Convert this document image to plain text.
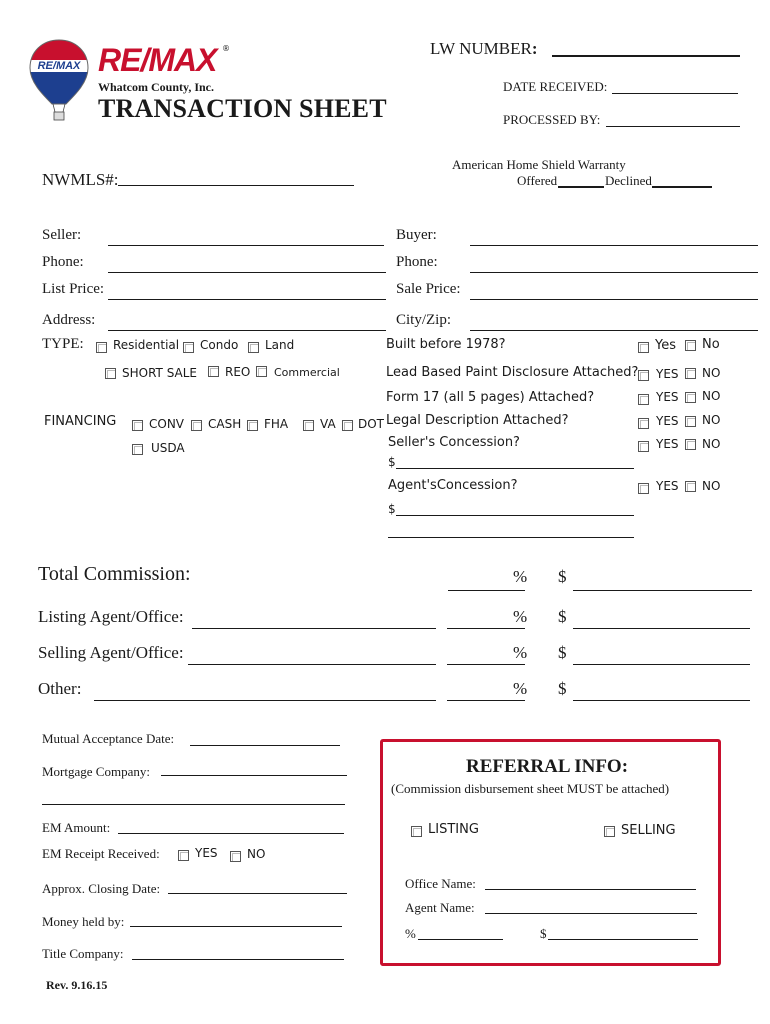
RE/MAX RE/MAX ®
Whatcom County, Inc.
TRANSACTION SHEET
LW NUMBER:
DATE RECEIVED:
PROCESSED BY:
NWMLS#:
American Home Shield Warranty
Offered	Declined
Seller:	Buyer:
Phone:	Phone:
List Price:	Sale Price:
Address:	City/Zip:
TYPE: Residential Condo Land
SHORT SALE REO Commercial
FINANCING	CONV CASH FHA	VA DOT
USDA
Built before 1978?	Yes No
Lead Based Paint Disclosure Attached? YES NO
Form 17 (all 5 pages) Attached?	YES NO
Legal Description Attached?	YES NO
Seller's Concession?	YES NO
$
Agent'sConcession?	YES NO
$
Total Commission:	% $
Listing Agent/Office:	% $
Selling Agent/Office:	% $
Other:	% $
Mutual Acceptance Date:
Mortgage Company:
EM Amount:
EM Receipt Received:	YES NO
Approx. Closing Date:
Money held by:
Title Company:
Rev. 9.16.15
REFERRAL INFO:
(Commission disbursement sheet MUST be attached)
LISTING	SELLING
Office Name:
Agent Name:
%	$
